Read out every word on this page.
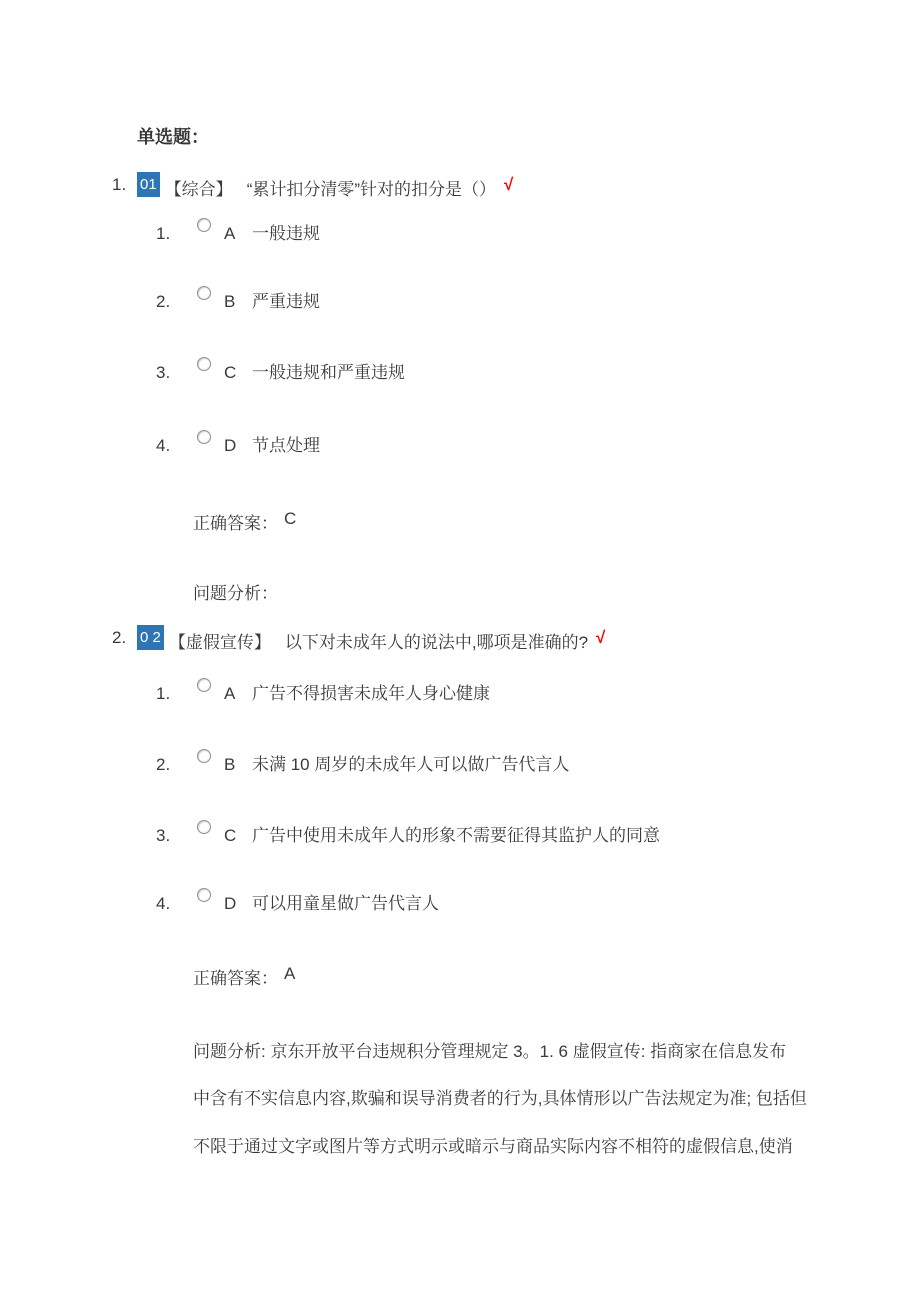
单选题：
1. 01 【综合】 “累计扣分清零”针对的扣分是（） √
1.	A 一般违规
2.	B 严重违规
3.	C 一般违规和严重违规
4.	D 节点处理
正确答案： C
问题分析：
2. 0 2 【虚假宣传】 以下对未成年人的说法中,哪项是准确的? √
1.	A 广告不得损害未成年人身心健康
2.	B 未满 10 周岁的未成年人可以做广告代言人
3.	C 广告中使用未成年人的形象不需要征得其监护人的同意
4.	D 可以用童星做广告代言人
正确答案： A
问题分析: 京东开放平台违规积分管理规定 3。1. 6 虚假宣传: 指商家在信息发布
中含有不实信息内容,欺骗和误导消费者的行为,具体情形以广告法规定为准; 包括但
不限于通过文字或图片等方式明示或暗示与商品实际内容不相符的虚假信息,使消
